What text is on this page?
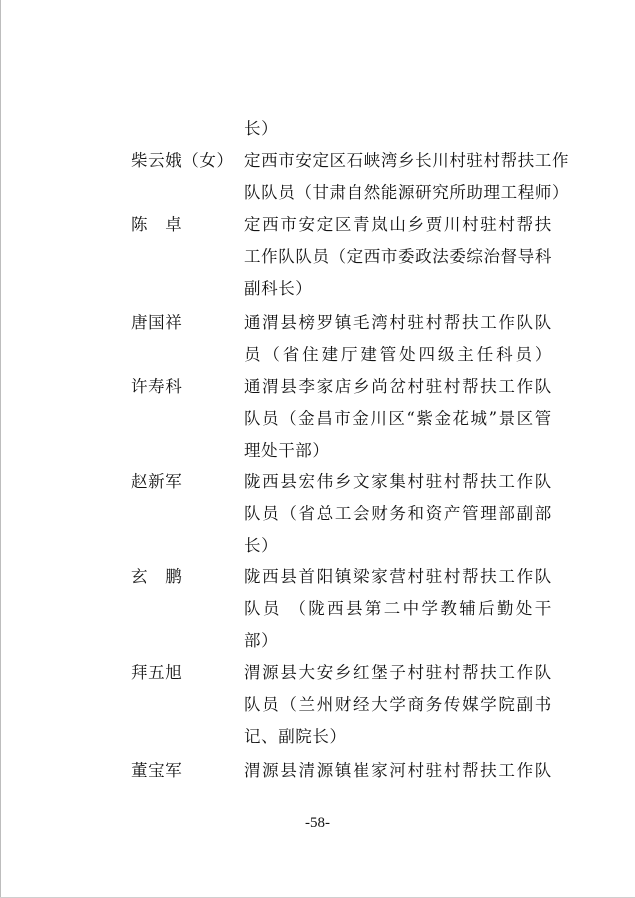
长）
柴云娥（女） 定 西 市 安 定 区 石 峡 湾 乡 长 川 村 驻 村 帮 扶 工 作
队 队 员 （ 甘 肃 自 然 能 源 研 究 所 助 理 工 程 师 ）
陈　卓	定 西 市 安 定 区 青 岚 山 乡 贾 川 村 驻 村 帮 扶
工 作 队 队 员 （ 定 西 市 委 政 法 委 综 治 督 导 科
副科长）
唐国祥	通 渭 县 榜 罗 镇 毛 湾 村 驻 村 帮 扶 工 作 队 队
员 （ 省 住 建 厅 建 管 处 四 级 主 任 科 员 ）
许寿科	通 渭 县 李 家 店 乡 尚 岔 村 驻 村 帮 扶 工 作 队
队 员 （ 金 昌 市 金 川 区 “ 紫 金 花 城 ” 景 区 管
理处干部）
赵新军	陇 西 县 宏 伟 乡 文 家 集 村 驻 村 帮 扶 工 作 队
队 员 （ 省 总 工 会 财 务 和 资 产 管 理 部 副 部
长）
玄　鹏	陇 西 县 首 阳 镇 梁 家 营 村 驻 村 帮 扶 工 作 队
队 员
（ 陇 西 县 第 二 中 学 教 辅 后 勤 处 干
部）
拜五旭	渭 源 县 大 安 乡 红 堡 子 村 驻 村 帮 扶 工 作 队
队 员 （ 兰 州 财 经 大 学 商 务 传 媒 学 院 副 书
记、副院长）
董宝军	渭 源 县 清 源 镇 崔 家 河 村 驻 村 帮 扶 工 作 队
-58-
